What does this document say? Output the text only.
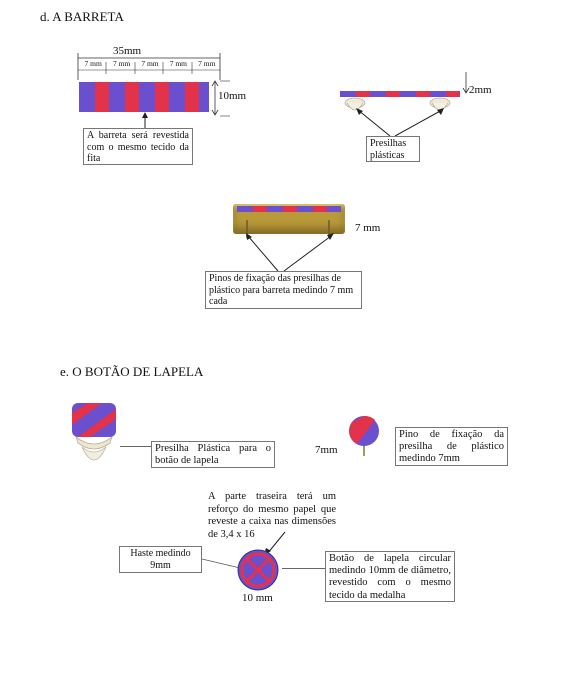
d. A BARRETA
35mm
7 mm 7 mm 7 mm 7 mm 7 mm
10mm
A barreta será revestida com o mesmo tecido da fita
2mm
Presilhas plásticas
7 mm
Pinos de fixação das presilhas de plástico para barreta medindo 7 mm cada
e. O BOTÃO DE LAPELA
Presilha Plástica para o botão de lapela
7mm
Pino de fixação da presilha de plástico medindo 7mm
A parte traseira terá um reforço do mesmo papel que reveste a caixa nas dimensões de 3,4 x 16
Haste medindo 9mm
10 mm
Botão de lapela circular medindo 10mm de diâmetro, revestido com o mesmo tecido da medalha
